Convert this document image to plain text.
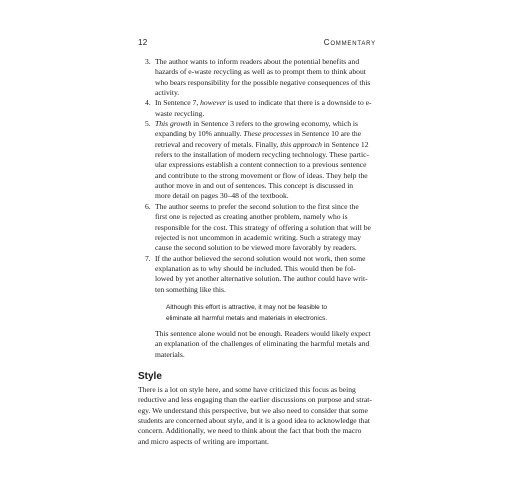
12	Commentary
3. The author wants to inform readers about the potential benefits and
hazards of e-waste recycling as well as to prompt them to think about
who bears responsibility for the possible negative consequences of this
activity.
4. In Sentence 7, however is used to indicate that there is a downside to e-
waste recycling.
5. This growth in Sentence 3 refers to the growing economy, which is
expanding by 10% annually. These processes in Sentence 10 are the
retrieval and recovery of metals. Finally, this approach in Sentence 12
refers to the installation of modern recycling technology. These partic-
ular expressions establish a content connection to a previous sentence
and contribute to the strong movement or flow of ideas. They help the
author move in and out of sentences. This concept is discussed in
more detail on pages 30–48 of the textbook.
6. The author seems to prefer the second solution to the first since the
first one is rejected as creating another problem, namely who is
responsible for the cost. This strategy of offering a solution that will be
rejected is not uncommon in academic writing. Such a strategy may
cause the second solution to be viewed more favorably by readers.
7. If the author believed the second solution would not work, then some
explanation as to why should be included. This would then be fol-
lowed by yet another alternative solution. The author could have writ-
ten something like this.
Although this effort is attractive, it may not be feasible to
eliminate all harmful metals and materials in electronics.
This sentence alone would not be enough. Readers would likely expect
an explanation of the challenges of eliminating the harmful metals and
materials.
Style
There is a lot on style here, and some have criticized this focus as being
reductive and less engaging than the earlier discussions on purpose and strat-
egy. We understand this perspective, but we also need to consider that some
students are concerned about style, and it is a good idea to acknowledge that
concern. Additionally, we need to think about the fact that both the macro
and micro aspects of writing are important.
